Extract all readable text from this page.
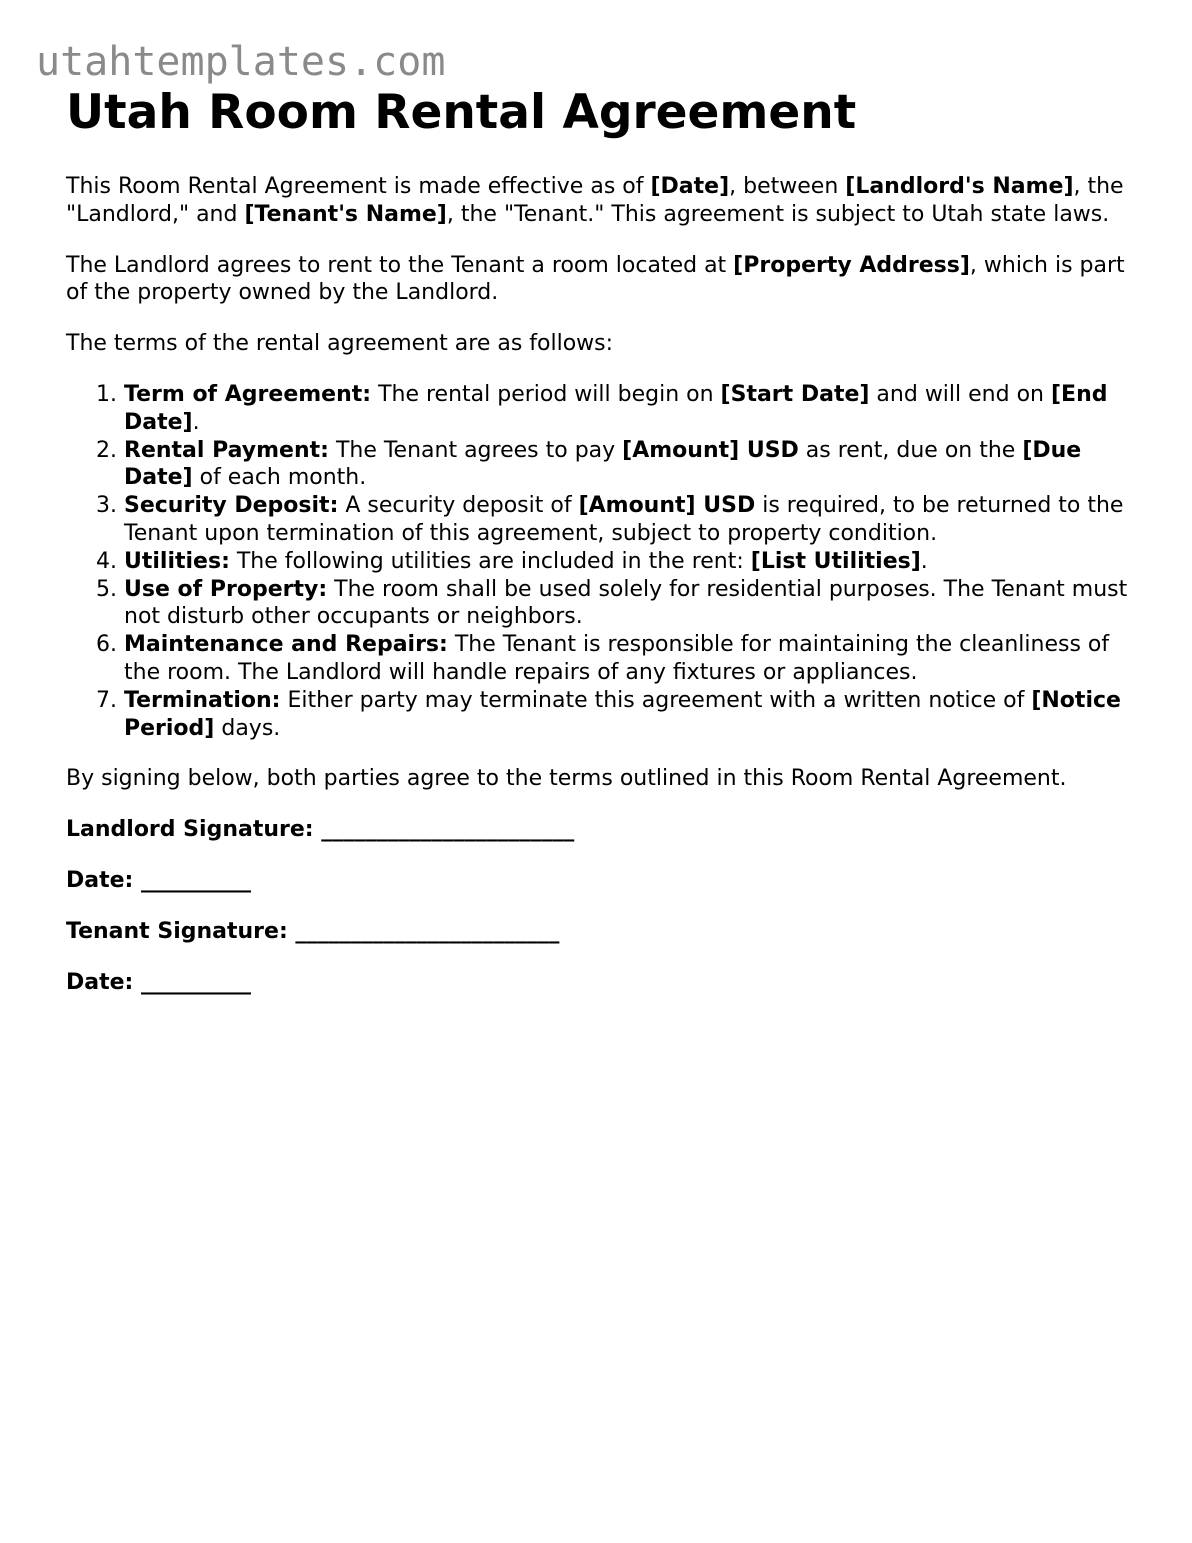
utahtemplates.com
Utah Room Rental Agreement

This Room Rental Agreement is made effective as of [Date], between [Landlord's Name], the "Landlord," and [Tenant's Name], the "Tenant." This agreement is subject to Utah state laws.

The Landlord agrees to rent to the Tenant a room located at [Property Address], which is part of the property owned by the Landlord.

The terms of the rental agreement are as follows:

1. Term of Agreement: The rental period will begin on [Start Date] and will end on [End Date].
2. Rental Payment: The Tenant agrees to pay [Amount] USD as rent, due on the [Due Date] of each month.
3. Security Deposit: A security deposit of [Amount] USD is required, to be returned to the Tenant upon termination of this agreement, subject to property condition.
4. Utilities: The following utilities are included in the rent: [List Utilities].
5. Use of Property: The room shall be used solely for residential purposes. The Tenant must not disturb other occupants or neighbors.
6. Maintenance and Repairs: The Tenant is responsible for maintaining the cleanliness of the room. The Landlord will handle repairs of any fixtures or appliances.
7. Termination: Either party may terminate this agreement with a written notice of [Notice Period] days.

By signing below, both parties agree to the terms outlined in this Room Rental Agreement.

Landlord Signature: _______________________

Date: __________

Tenant Signature: ________________________

Date: __________
